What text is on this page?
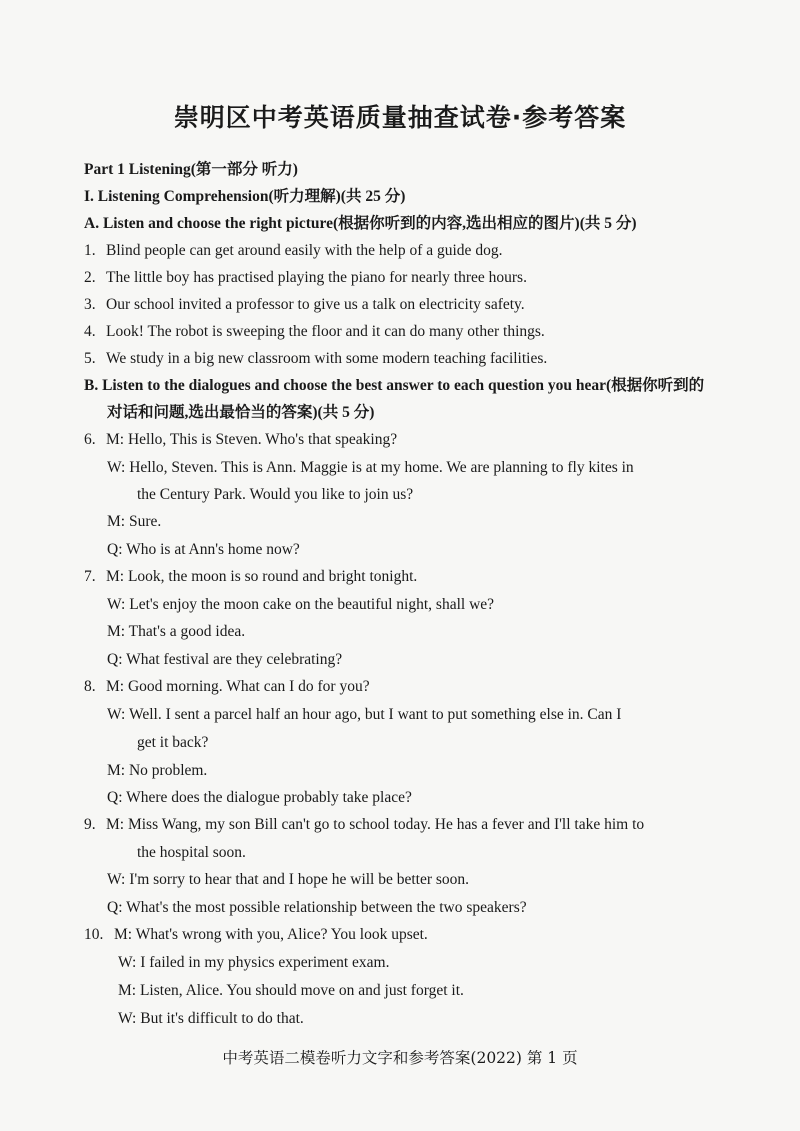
崇明区中考英语质量抽查试卷·参考答案
Part 1 Listening(第一部分 听力)
I. Listening Comprehension(听力理解)(共 25 分)
A. Listen and choose the right picture(根据你听到的内容,选出相应的图片)(共 5 分)
1. Blind people can get around easily with the help of a guide dog.
2. The little boy has practised playing the piano for nearly three hours.
3. Our school invited a professor to give us a talk on electricity safety.
4. Look! The robot is sweeping the floor and it can do many other things.
5. We study in a big new classroom with some modern teaching facilities.
B. Listen to the dialogues and choose the best answer to each question you hear(根据你听到的
对话和问题,选出最恰当的答案)(共 5 分)
6. M: Hello, This is Steven. Who's that speaking?
W: Hello, Steven. This is Ann. Maggie is at my home. We are planning to fly kites in
the Century Park. Would you like to join us?
M: Sure.
Q: Who is at Ann's home now?
7. M: Look, the moon is so round and bright tonight.
W: Let's enjoy the moon cake on the beautiful night, shall we?
M: That's a good idea.
Q: What festival are they celebrating?
8. M: Good morning. What can I do for you?
W: Well. I sent a parcel half an hour ago, but I want to put something else in. Can I
get it back?
M: No problem.
Q: Where does the dialogue probably take place?
9. M: Miss Wang, my son Bill can't go to school today. He has a fever and I'll take him to
the hospital soon.
W: I'm sorry to hear that and I hope he will be better soon.
Q: What's the most possible relationship between the two speakers?
10. M: What's wrong with you, Alice? You look upset.
W: I failed in my physics experiment exam.
M: Listen, Alice. You should move on and just forget it.
W: But it's difficult to do that.
中考英语二模卷听力文字和参考答案(2022) 第 1 页
